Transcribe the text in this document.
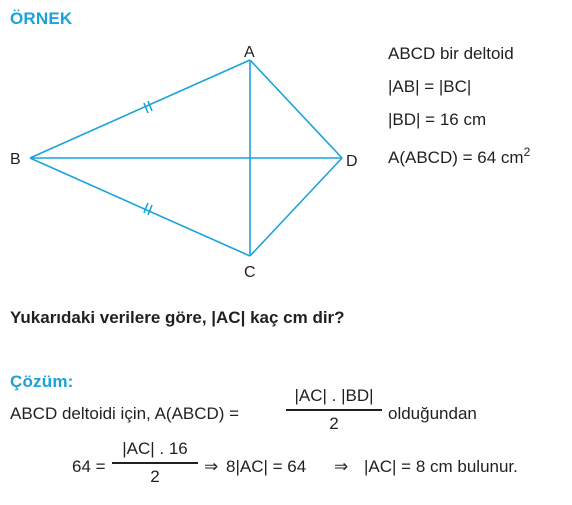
ÖRNEK
A
B
C
D
ABCD bir deltoid
|AB| = |BC|
|BD| = 16 cm
A(ABCD) = 64 $cm^2$
Yukarıdaki verilere göre, |AC| kaç cm dir?
Çözüm:
ABCD deltoidi için, A(ABCD) =
|AC| . |BD|
2	olduğundan
64 =
|AC| . 16
2	⇒ 8|AC| = 64 ⇒ |AC| = 8 cm bulunur.
